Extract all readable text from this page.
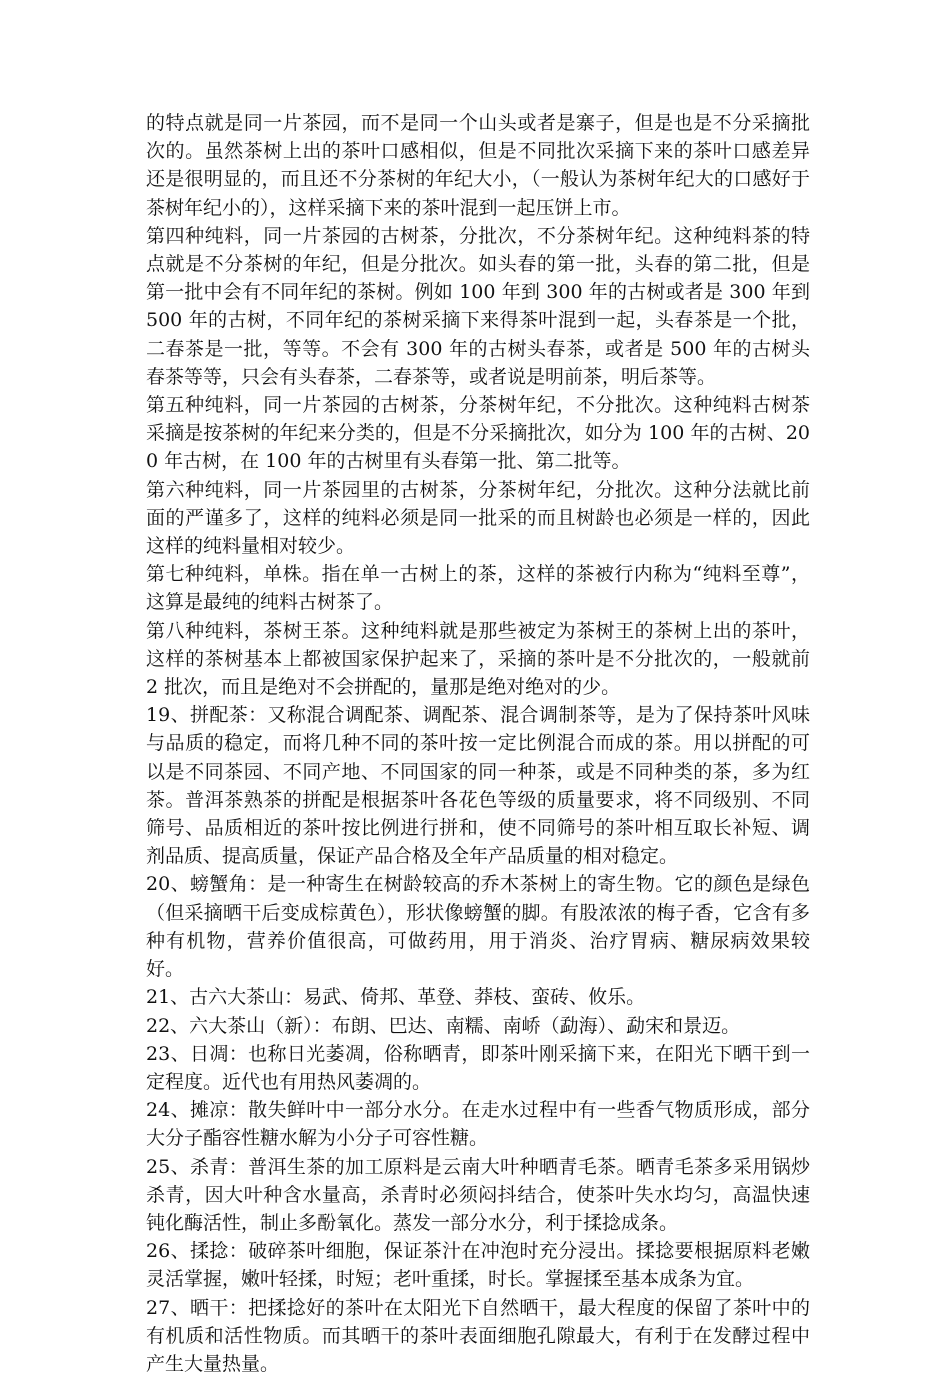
的特点就是同一片茶园，而不是同一个山头或者是寨子，但是也是不分采摘批次的。虽然茶树上出的茶叶口感相似，但是不同批次采摘下来的茶叶口感差异还是很明显的，而且还不分茶树的年纪大小，（一般认为茶树年纪大的口感好于茶树年纪小的），这样采摘下来的茶叶混到一起压饼上市。

第四种纯料，同一片茶园的古树茶，分批次，不分茶树年纪。这种纯料茶的特点就是不分茶树的年纪，但是分批次。如头春的第一批，头春的第二批，但是第一批中会有不同年纪的茶树。例如 100 年到 300 年的古树或者是 300 年到 500 年的古树，不同年纪的茶树采摘下来得茶叶混到一起，头春茶是一个批，二春茶是一批，等等。不会有 300 年的古树头春茶，或者是 500 年的古树头春茶等等，只会有头春茶，二春茶等，或者说是明前茶，明后茶等。

第五种纯料，同一片茶园的古树茶，分茶树年纪，不分批次。这种纯料古树茶采摘是按茶树的年纪来分类的，但是不分采摘批次，如分为 100 年的古树、200 年古树，在 100 年的古树里有头春第一批、第二批等。

第六种纯料，同一片茶园里的古树茶，分茶树年纪，分批次。这种分法就比前面的严谨多了，这样的纯料必须是同一批采的而且树龄也必须是一样的，因此这样的纯料量相对较少。

第七种纯料，单株。指在单一古树上的茶，这样的茶被行内称为“纯料至尊”，这算是最纯的纯料古树茶了。

第八种纯料，茶树王茶。这种纯料就是那些被定为茶树王的茶树上出的茶叶，这样的茶树基本上都被国家保护起来了，采摘的茶叶是不分批次的，一般就前 2 批次，而且是绝对不会拼配的，量那是绝对绝对的少。

19、拼配茶：又称混合调配茶、调配茶、混合调制茶等，是为了保持茶叶风味与品质的稳定，而将几种不同的茶叶按一定比例混合而成的茶。用以拼配的可以是不同茶园、不同产地、不同国家的同一种茶，或是不同种类的茶，多为红茶。普洱茶熟茶的拼配是根据茶叶各花色等级的质量要求，将不同级别、不同筛号、品质相近的茶叶按比例进行拼和，使不同筛号的茶叶相互取长补短、调剂品质、提高质量，保证产品合格及全年产品质量的相对稳定。

20、螃蟹角：是一种寄生在树龄较高的乔木茶树上的寄生物。它的颜色是绿色（但采摘晒干后变成棕黄色），形状像螃蟹的脚。有股浓浓的梅子香，它含有多种有机物，营养价值很高，可做药用，用于消炎、治疗胃病、糖尿病效果较好。

21、古六大茶山：易武、倚邦、革登、莽枝、蛮砖、攸乐。

22、六大茶山（新）：布朗、巴达、南糯、南峤（勐海）、勐宋和景迈。

23、日凋：也称日光萎凋，俗称晒青，即茶叶刚采摘下来，在阳光下晒干到一定程度。近代也有用热风萎凋的。

24、摊凉：散失鲜叶中一部分水分。在走水过程中有一些香气物质形成，部分大分子酯容性糖水解为小分子可容性糖。

25、杀青：普洱生茶的加工原料是云南大叶种晒青毛茶。晒青毛茶多采用锅炒杀青，因大叶种含水量高，杀青时必须闷抖结合，使茶叶失水均匀，高温快速钝化酶活性，制止多酚氧化。蒸发一部分水分，利于揉捻成条。

26、揉捻：破碎茶叶细胞，保证茶汁在冲泡时充分浸出。揉捻要根据原料老嫩灵活掌握，嫩叶轻揉，时短；老叶重揉，时长。掌握揉至基本成条为宜。

27、晒干：把揉捻好的茶叶在太阳光下自然晒干，最大程度的保留了茶叶中的有机质和活性物质。而其晒干的茶叶表面细胞孔隙最大，有利于在发酵过程中产生大量热量。
